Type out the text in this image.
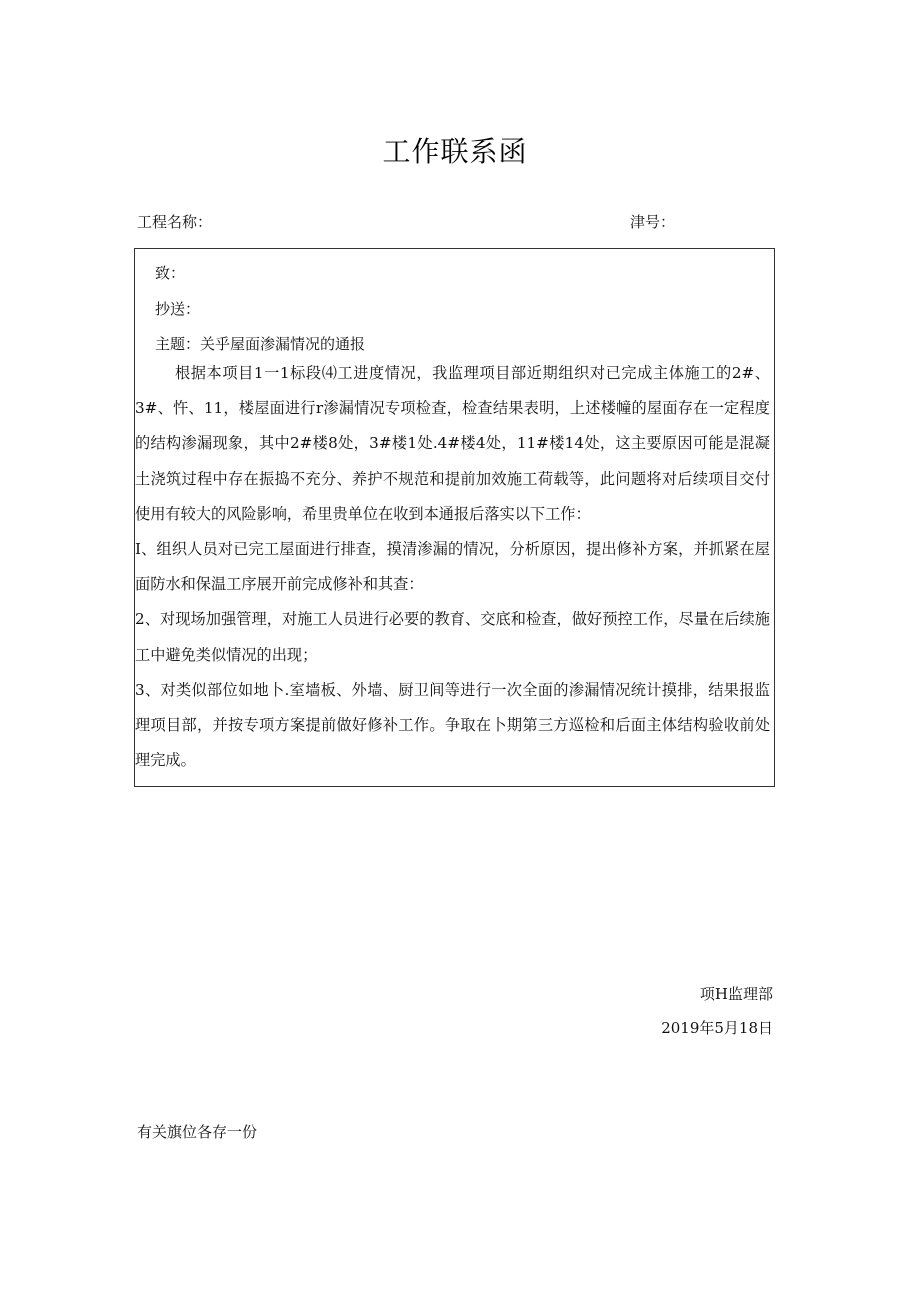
工作联系函
工程名称：	津号：
致：
抄送：
主题：关乎屋面渗漏情况的通报

根据本项目1一1标段⑷工进度情况，我监理项目部近期组织对已完成主体施工的2#、3#、忤、11，楼屋面进行r渗漏情况专项检查，检查结果表明，上述楼幢的屋面存在一定程度的结构渗漏现象，其中2#楼8处，3#楼1处.4#楼4处，11#楼14处，这主要原因可能是混凝土浇筑过程中存在振捣不充分、养护不规范和提前加效施工荷载等，此问题将对后续项目交付使用有较大的风险影响，希里贵单位在收到本通报后落实以下工作：

I、组织人员对已完工屋面进行排查，摸清渗漏的情况，分析原因，提出修补方案，并抓紧在屋面防水和保温工序展开前完成修补和其查：

2、对现场加强管理，对施工人员进行必要的教育、交底和检查，做好预控工作，尽量在后续施工中避免类似情况的出现；

3、对类似部位如地卜.室墙板、外墙、厨卫间等进行一次全面的渗漏情况统计摸排，结果报监理项目部，并按专项方案提前做好修补工作。争取在卜期第三方巡检和后面主体结构验收前处理完成。

项H监理部
2019年5月18日
有关旗位各存一份
